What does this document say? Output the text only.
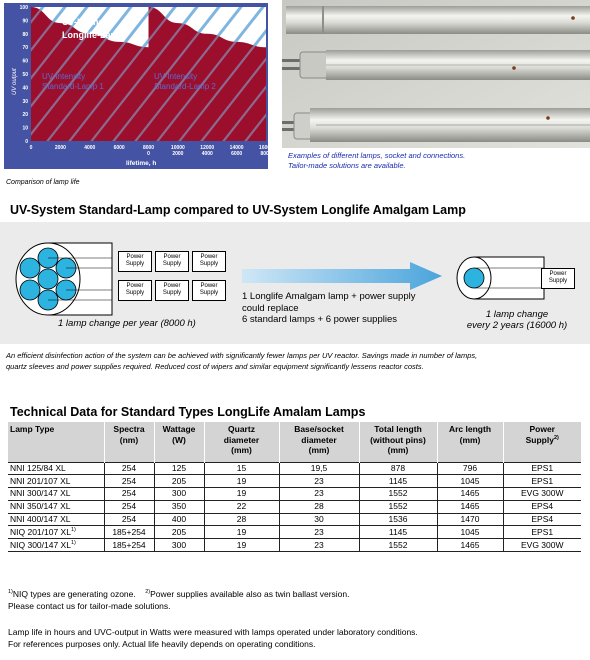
100
90
80
70
60
50
40
30
20
10
0
0	2000	4000	6000	8000	10000	12000	14000	16000
0	2000	4000	6000	8000
UV-Intensity
Longlife-Lamp
UV-Intensity
Standard-Lamp 1
UV-Intensity
Standard-Lamp 2
UV output
lifetime, h
Comparison of lamp life
Examples of different lamps, socket and connections.
Tailor-made solutions are available.
UV-System Standard-Lamp compared to UV-System Longlife Amalgam Lamp
Power
Supply
Power
Supply
Power
Supply
Power
Supply
Power
Supply
Power
Supply	1 Longlife Amalgam lamp + power supply
could replace
6 standard lamps + 6 power supplies
Power
Supply
1 lamp change per year (8000 h)
1 lamp change
every 2 years (16000 h)
An efficient disinfection action of the system can be achieved with significantly fewer lamps per UV reactor. Savings made in number of lamps,
quartz sleeves and power supplies required. Reduced cost of wipers and similar equipment significantly lessens reactor costs.
Technical Data for Standard Types LongLife Amalam Lamps
Lamp Type	Spectra
(nm)	Wattage
(W)	Quartz
diameter
(mm)	Base/socket
diameter
(mm)	Total length
(without pins)
(mm)	Arc length
(mm)	Power
Supply$^{2)}$
NNI 125/84 XL	254	125	15	19,5	878	796	EPS1
NNI 201/107 XL	254	205	19	23	1145	1045	EPS1
NNI 300/147 XL	254	300	19	23	1552	1465	EVG 300W
NNI 350/147 XL	254	350	22	28	1552	1465	EPS4
NNI 400/147 XL	254	400	28	30	1536	1470	EPS4
NIQ 201/107 XL$^{1)}$	185+254	205	19	23	1145	1045	EPS1
NIQ 300/147 XL$^{1)}$	185+254	300	19	23	1552	1465	EVG 300W
$^{1)}$NIQ types are generating ozone. $^{2)}$Power supplies available also as twin ballast version.
Please contact us for tailor-made solutions.
Lamp life in hours and UVC-output in Watts were measured with lamps operated under laboratory conditions.
For references purposes only. Actual life heavily depends on operating conditions.
